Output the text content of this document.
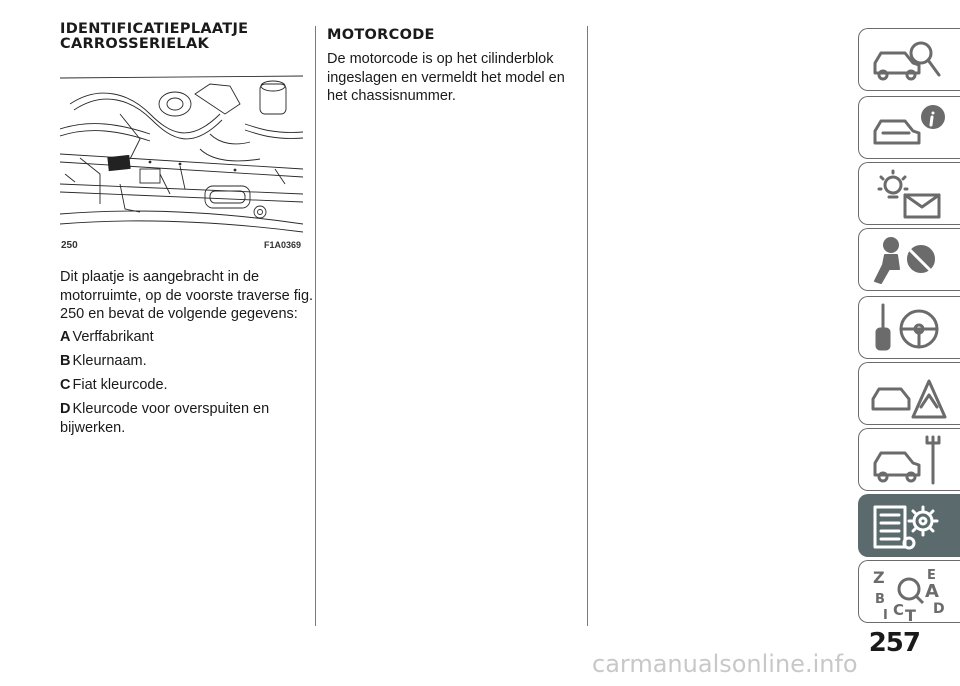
IDENTIFICATIEPLAATJE
CARROSSERIELAK
250	F1A0369

Dit plaatje is aangebracht in de
motorruimte, op de voorste traverse fig.
250 en bevat de volgende gegevens:

A Verffabrikant
B Kleurnaam.
C Fiat kleurcode.
D Kleurcode voor overspuiten en
bijwerken.
MOTORCODE

De motorcode is op het cilinderblok
ingeslagen en vermeldt het model en
het chassisnummer.

Z	E
B A
C D
T
I
257
carmanualsonline.info
